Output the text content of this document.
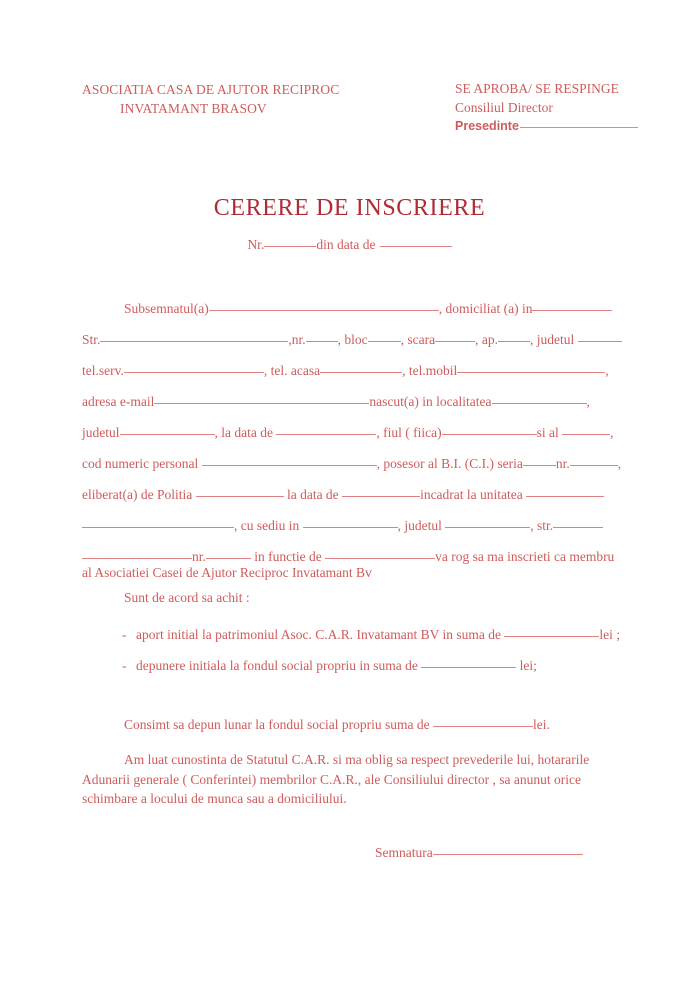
ASOCIATIA CASA DE AJUTOR RECIPROC
INVATAMANT BRASOV
SE APROBA/ SE RESPINGE
Consiliul Director
Presedinte
CERERE DE INSCRIERE
Nr.	din data de
Subsemnatul(a)	, domiciliat (a) in
Str.	,nr. , bloc , scara	, ap. , judetul
tel.serv.	, tel. acasa	, tel.mobil	,
adresa e-mail	nascut(a) in localitatea	,
judetul	, la data de	, fiul ( fiica)	si al	,
cod numeric personal	, posesor al B.I. (C.I.) seria nr.	,
eliberat(a) de Politia	la data de	incadrat la unitatea
, cu sediu in	, judetul	, str.
nr.	in functie de	va rog sa ma inscrieti ca membru
al Asociatiei Casei de Ajutor Reciproc Invatamant Bv
Sunt de acord sa achit :
- aport initial la patrimoniul Asoc. C.A.R. Invatamant BV in suma de	lei ;
- depunere initiala la fondul social propriu in suma de	lei;
Consimt sa depun lunar la fondul social propriu suma de	lei.
Am luat cunostinta de Statutul C.A.R. si ma oblig sa respect prevederile lui, hotararile Adunarii generale ( Conferintei) membrilor C.A.R., ale Consiliului director , sa anunut orice schimbare a locului de munca sau a domiciliului.
Semnatura
